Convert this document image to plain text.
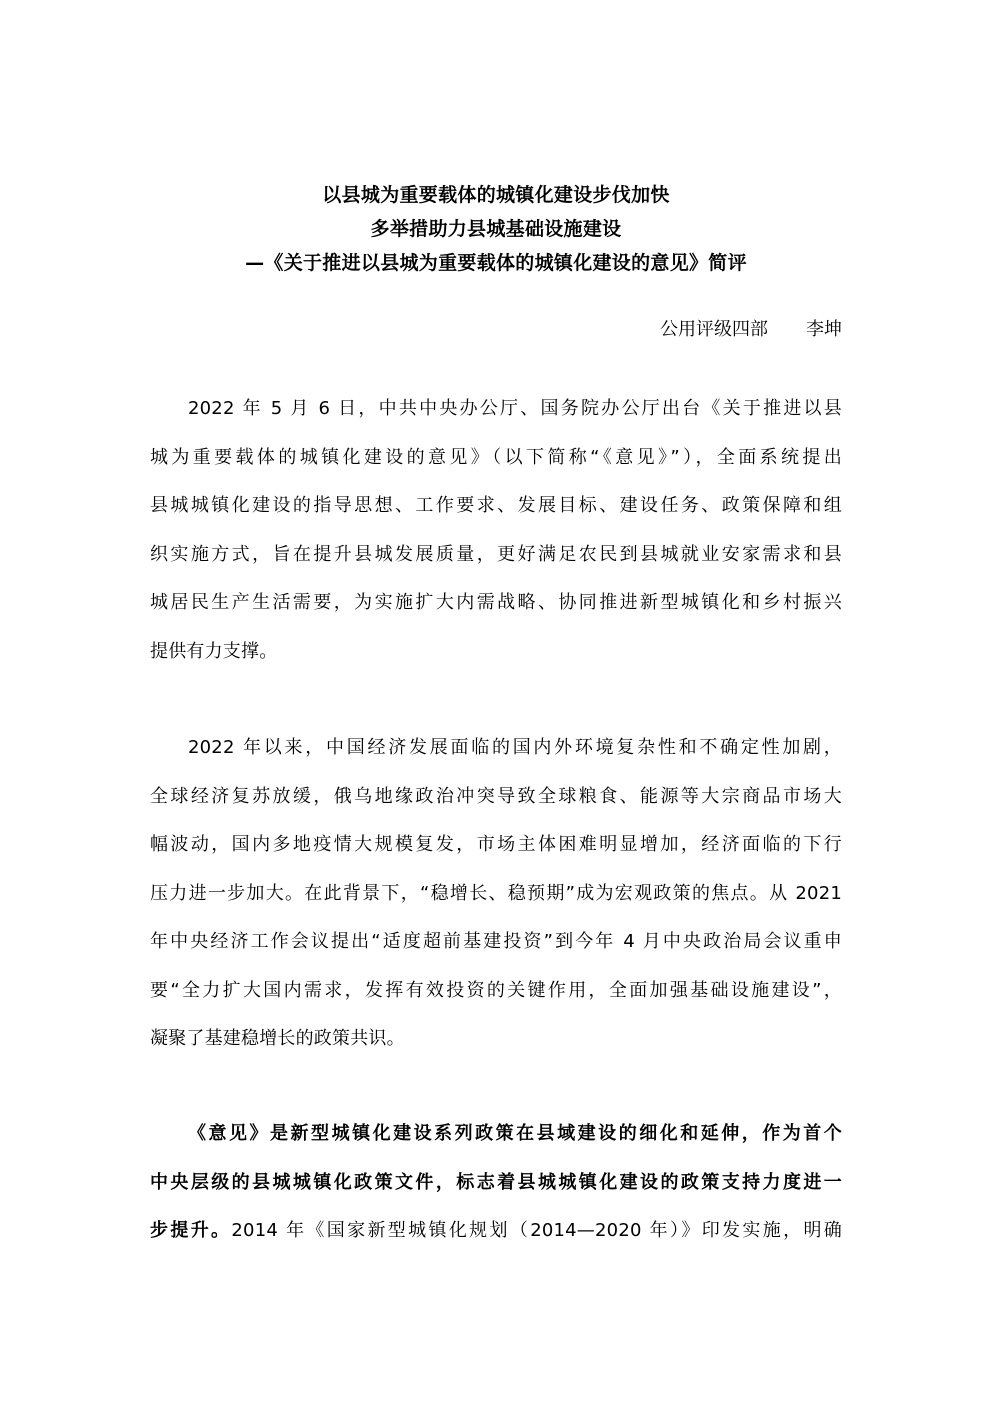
以县城为重要载体的城镇化建设步伐加快
多举措助力县城基础设施建设
—《关于推进以县城为重要载体的城镇化建设的意见》简评
公用评级四部 李坤
2022 年 5 月 6 日，中共中央办公厅、国务院办公厅出台《关于推进以县
城为重要载体的城镇化建设的意见》（以下简称“《意见》”），全面系统提出
县城城镇化建设的指导思想、工作要求、发展目标、建设任务、政策保障和组
织实施方式，旨在提升县城发展质量，更好满足农民到县城就业安家需求和县
城居民生产生活需要，为实施扩大内需战略、协同推进新型城镇化和乡村振兴
提供有力支撑。
2022 年以来，中国经济发展面临的国内外环境复杂性和不确定性加剧，
全球经济复苏放缓，俄乌地缘政治冲突导致全球粮食、能源等大宗商品市场大
幅波动，国内多地疫情大规模复发，市场主体困难明显增加，经济面临的下行
压力进一步加大。在此背景下，“稳增长、稳预期”成为宏观政策的焦点。从 2021
年中央经济工作会议提出“适度超前基建投资”到今年 4 月中央政治局会议重申
要“全力扩大国内需求，发挥有效投资的关键作用，全面加强基础设施建设”，
凝聚了基建稳增长的政策共识。
《意见》是新型城镇化建设系列政策在县域建设的细化和延伸，作为首个
中央层级的县城城镇化政策文件，标志着县城城镇化建设的政策支持力度进一
步提升。2014 年《国家新型城镇化规划（2014—2020 年）》印发实施，明确
